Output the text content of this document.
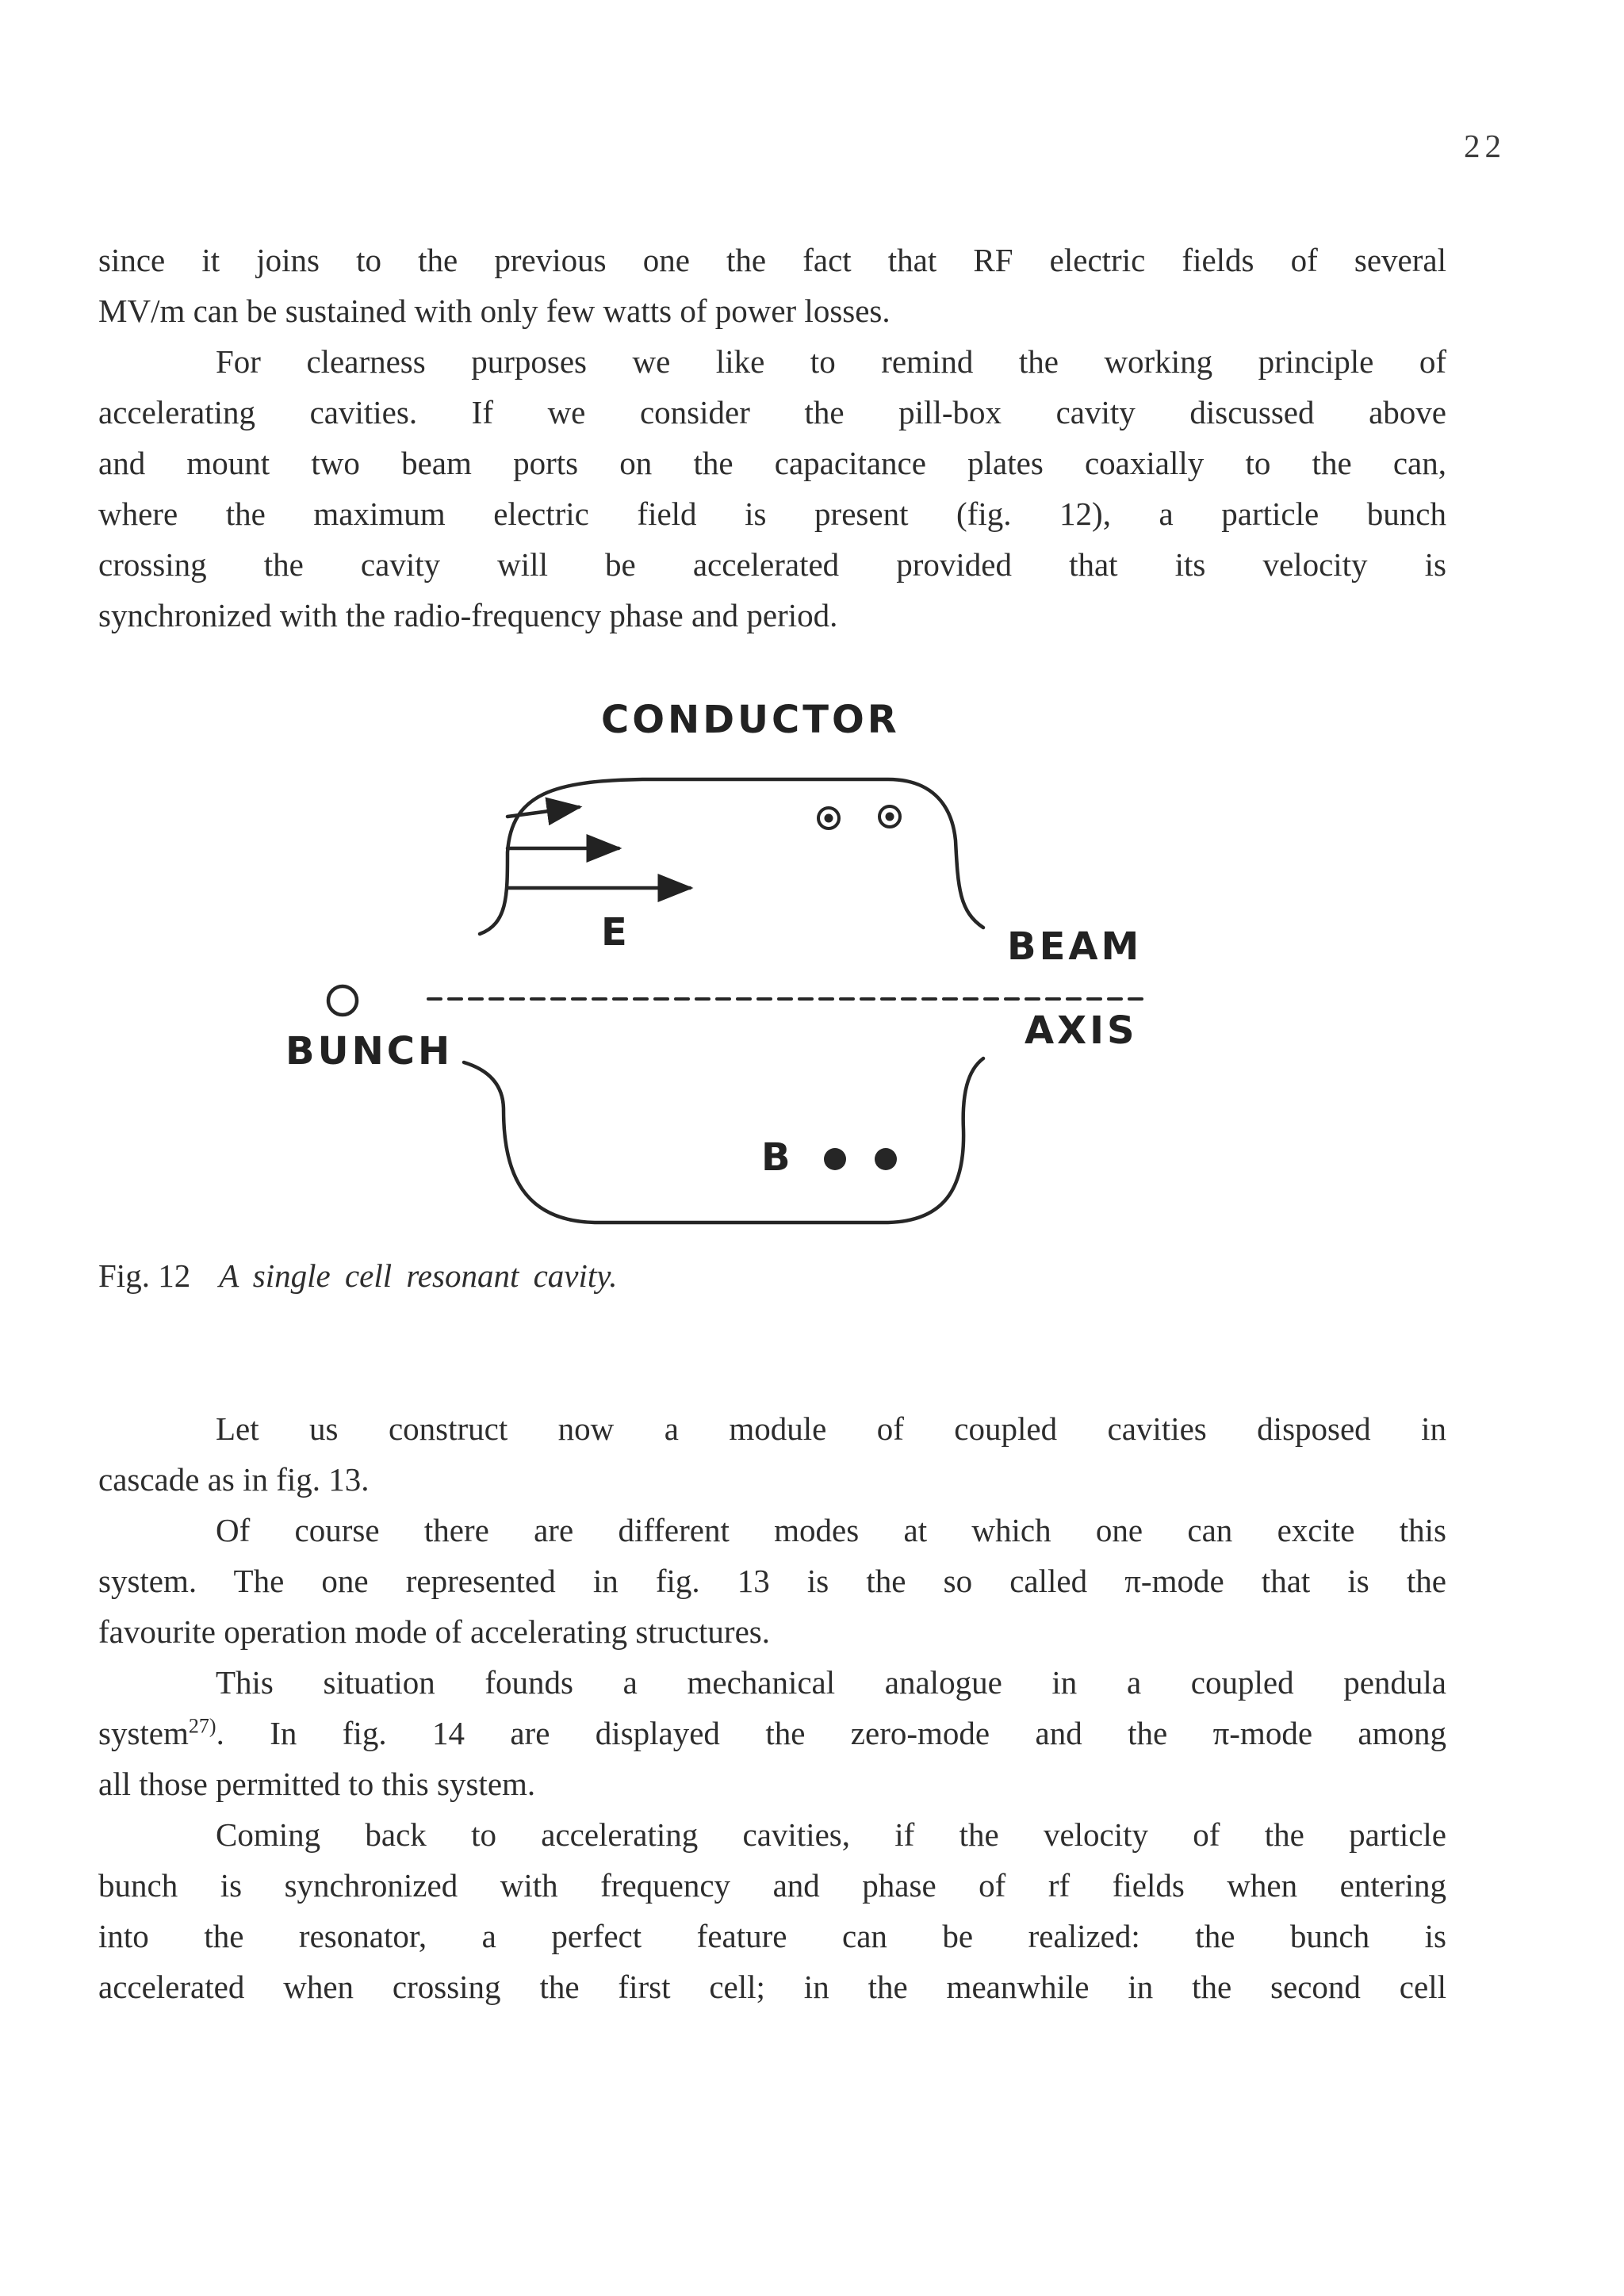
22
since it joins to the previous one the fact that RF electric fields of several
MV/m can be sustained with only few watts of power losses.
For clearness purposes we like to remind the working principle of
accelerating cavities. If we consider the pill-box cavity discussed above
and mount two beam ports on the capacitance plates coaxially to the can,
where the maximum electric field is present (fig. 12), a particle bunch
crossing the cavity will be accelerated provided that its velocity is
synchronized with the radio-frequency phase and period.
CONDUCTOR
E	BEAM
AXIS
BUNCH
B
Fig. 12 A single cell resonant cavity.
Let us construct now a module of coupled cavities disposed in
cascade as in fig. 13.
Of course there are different modes at which one can excite this
system. The one represented in fig. 13 is the so called π-mode that is the
favourite operation mode of accelerating structures.
This situation founds a mechanical analogue in a coupled pendula
system$^{27)}$. In fig. 14 are displayed the zero-mode and the π-mode among
all those permitted to this system.
Coming back to accelerating cavities, if the velocity of the particle
bunch is synchronized with frequency and phase of rf fields when entering
into the resonator, a perfect feature can be realized: the bunch is
accelerated when crossing the first cell; in the meanwhile in the second cell
